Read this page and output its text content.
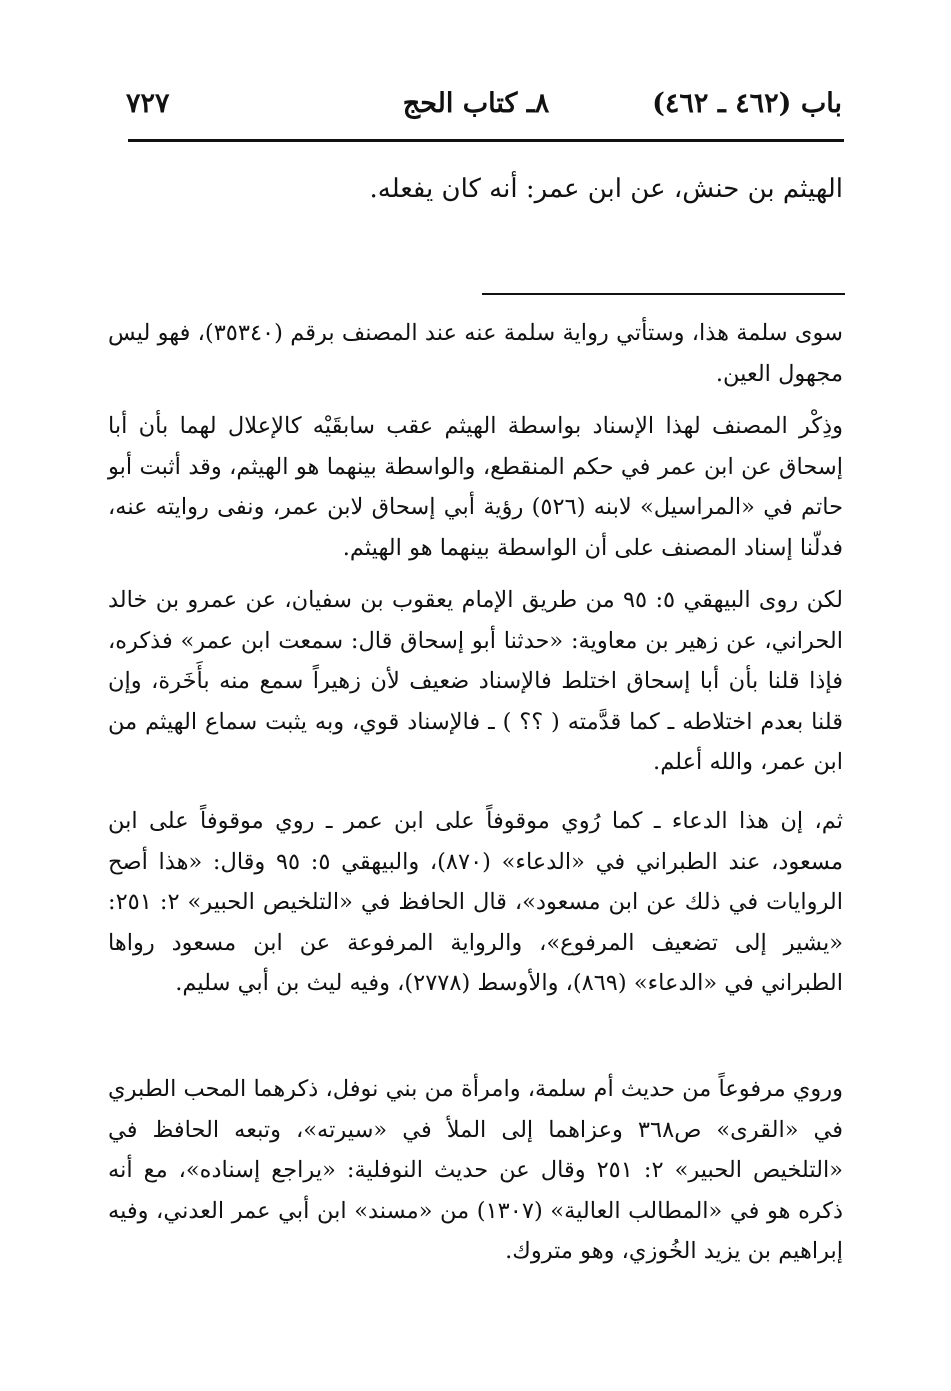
باب (٤٦٢ ـ ٤٦٢)
٨ـ كتاب الحج
٧٢٧
الهيثم بن حنش، عن ابن عمر: أنه كان يفعله.

سوى سلمة هذا، وستأتي رواية سلمة عنه عند المصنف برقم (٣٥٣٤٠)، فهو ليس مجهول العين.

وذِكْر المصنف لهذا الإسناد بواسطة الهيثم عقب سابقَيْه كالإعلال لهما بأن أبا إسحاق عن ابن عمر في حكم المنقطع، والواسطة بينهما هو الهيثم، وقد أثبت أبو حاتم في «المراسيل» لابنه (٥٢٦) رؤية أبي إسحاق لابن عمر، ونفى روايته عنه، فدلّنا إسناد المصنف على أن الواسطة بينهما هو الهيثم.

لكن روى البيهقي ٥: ٩٥ من طريق الإمام يعقوب بن سفيان، عن عمرو بن خالد الحراني، عن زهير بن معاوية: «حدثنا أبو إسحاق قال: سمعت ابن عمر» فذكره، فإذا قلنا بأن أبا إسحاق اختلط فالإسناد ضعيف لأن زهيراً سمع منه بأَخَرة، وإن قلنا بعدم اختلاطه ـ كما قدَّمته ( ؟؟ ) ـ فالإسناد قوي، وبه يثبت سماع الهيثم من ابن عمر، والله أعلم.

ثم، إن هذا الدعاء ـ كما رُوي موقوفاً على ابن عمر ـ روي موقوفاً على ابن مسعود، عند الطبراني في «الدعاء» (٨٧٠)، والبيهقي ٥: ٩٥ وقال: «هذا أصح الروايات في ذلك عن ابن مسعود»، قال الحافظ في «التلخيص الحبير» ٢: ٢٥١: «يشير إلى تضعيف المرفوع»، والرواية المرفوعة عن ابن مسعود رواها الطبراني في «الدعاء» (٨٦٩)، والأوسط (٢٧٧٨)، وفيه ليث بن أبي سليم.

وروي مرفوعاً من حديث أم سلمة، وامرأة من بني نوفل، ذكرهما المحب الطبري في «القرى» ص٣٦٨ وعزاهما إلى الملأ في «سيرته»، وتبعه الحافظ في «التلخيص الحبير» ٢: ٢٥١ وقال عن حديث النوفلية: «يراجع إسناده»، مع أنه ذكره هو في «المطالب العالية» (١٣٠٧) من «مسند» ابن أبي عمر العدني، وفيه إبراهيم بن يزيد الخُوزي، وهو متروك.
